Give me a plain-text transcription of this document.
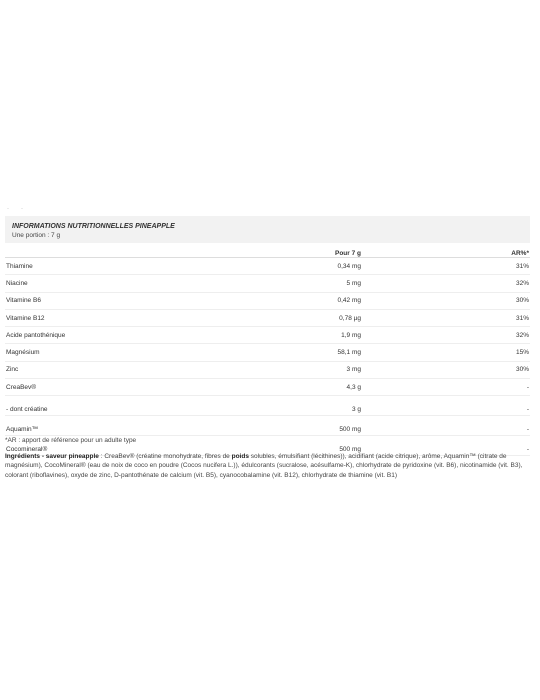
··
INFORMATIONS NUTRITIONNELLES PINEAPPLE
Une portion : 7 g
	Pour 7 g	AR%*
Thiamine	0,34 mg	31%
Niacine	5 mg	32%
Vitamine B6	0,42 mg	30%
Vitamine B12	0,78 µg	31%
Acide pantothénique	1,9 mg	32%
Magnésium	58,1 mg	15%
Zinc	3 mg	30%
CreaBev®	4,3 g	-
- dont créatine	3 g	-
Aquamin™	500 mg	-
Cocomineral®	500 mg	-
*AR : apport de référence pour un adulte type
Ingrédients - saveur pineapple : CreaBev® (créatine monohydrate, fibres de poids solubles, émulsifiant (lécithines)), acidifiant (acide citrique), arôme, Aquamin™ (citrate de magnésium), CocoMineral® (eau de noix de coco en poudre (Cocos nucifera L.)), édulcorants (sucralose, acésulfame-K), chlorhydrate de pyridoxine (vit. B6), nicotinamide (vit. B3), colorant (riboflavines), oxyde de zinc, D-pantothénate de calcium (vit. B5), cyanocobalamine (vit. B12), chlorhydrate de thiamine (vit. B1)
